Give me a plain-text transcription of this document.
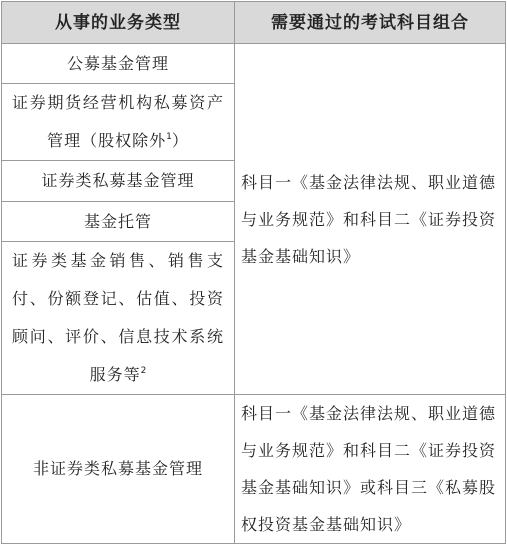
从事的业务类型	需要通过的考试科目组合
公募基金管理
证券期货经营机构私募资产管理（股权除外$^1$）
证券类私募基金管理
基金托管
证券类基金销售、销售支付、份额登记、估值、投资顾问、评价、信息技术系统服务等$^2$
非证券类私募基金管理
科目一《基金法律法规、职业道德与业务规范》和科目二《证券投资基金基础知识》
科目一《基金法律法规、职业道德与业务规范》和科目二《证券投资基金基础知识》或科目三《私募股权投资基金基础知识》
